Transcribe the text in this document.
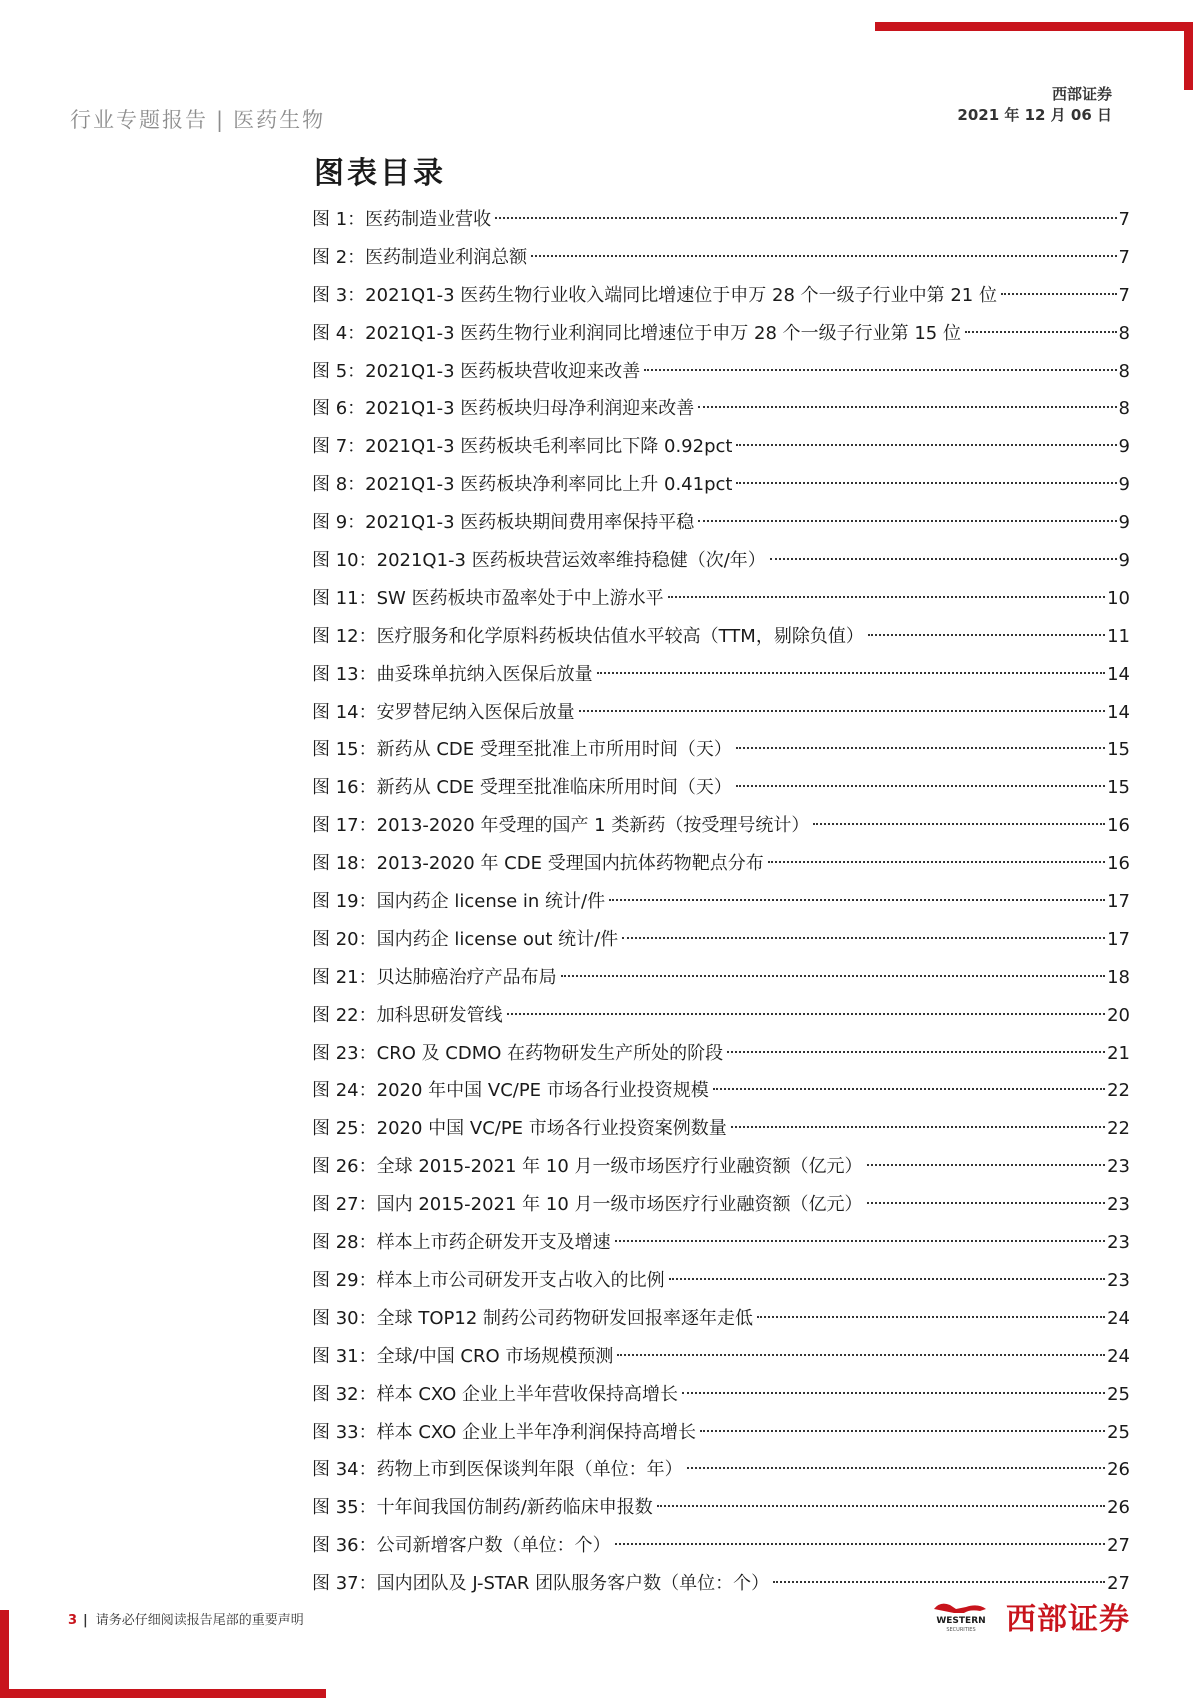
行业专题报告 | 医药生物
西部证券
2021 年 12 月 06 日
图表目录
图 1：医药制造业营收	7
图 2：医药制造业利润总额	7
图 3：2021Q1-3 医药生物行业收入端同比增速位于申万 28 个一级子行业中第 21 位	7
图 4：2021Q1-3 医药生物行业利润同比增速位于申万 28 个一级子行业第 15 位	8
图 5：2021Q1-3 医药板块营收迎来改善	8
图 6：2021Q1-3 医药板块归母净利润迎来改善	8
图 7：2021Q1-3 医药板块毛利率同比下降 0.92pct	9
图 8：2021Q1-3 医药板块净利率同比上升 0.41pct	9
图 9：2021Q1-3 医药板块期间费用率保持平稳	9
图 10：2021Q1-3 医药板块营运效率维持稳健（次/年）	9
图 11：SW 医药板块市盈率处于中上游水平	10
图 12：医疗服务和化学原料药板块估值水平较高（TTM，剔除负值）	11
图 13：曲妥珠单抗纳入医保后放量	14
图 14：安罗替尼纳入医保后放量	14
图 15：新药从 CDE 受理至批准上市所用时间（天）	15
图 16：新药从 CDE 受理至批准临床所用时间（天）	15
图 17：2013-2020 年受理的国产 1 类新药（按受理号统计）	16
图 18：2013-2020 年 CDE 受理国内抗体药物靶点分布	16
图 19：国内药企 license in 统计/件	17
图 20：国内药企 license out 统计/件	17
图 21：贝达肺癌治疗产品布局	18
图 22：加科思研发管线	20
图 23：CRO 及 CDMO 在药物研发生产所处的阶段	21
图 24：2020 年中国 VC/PE 市场各行业投资规模	22
图 25：2020 中国 VC/PE 市场各行业投资案例数量	22
图 26：全球 2015-2021 年 10 月一级市场医疗行业融资额（亿元）	23
图 27：国内 2015-2021 年 10 月一级市场医疗行业融资额（亿元）	23
图 28：样本上市药企研发开支及增速	23
图 29：样本上市公司研发开支占收入的比例	23
图 30：全球 TOP12 制药公司药物研发回报率逐年走低	24
图 31：全球/中国 CRO 市场规模预测	24
图 32：样本 CXO 企业上半年营收保持高增长	25
图 33：样本 CXO 企业上半年净利润保持高增长	25
图 34：药物上市到医保谈判年限（单位：年）	26
图 35：十年间我国仿制药/新药临床申报数	26
图 36：公司新增客户数（单位：个）	27
图 37：国内团队及 J-STAR 团队服务客户数（单位：个）	27
3 | 请务必仔细阅读报告尾部的重要声明	WESTERN
SECURITIES 西部证券
